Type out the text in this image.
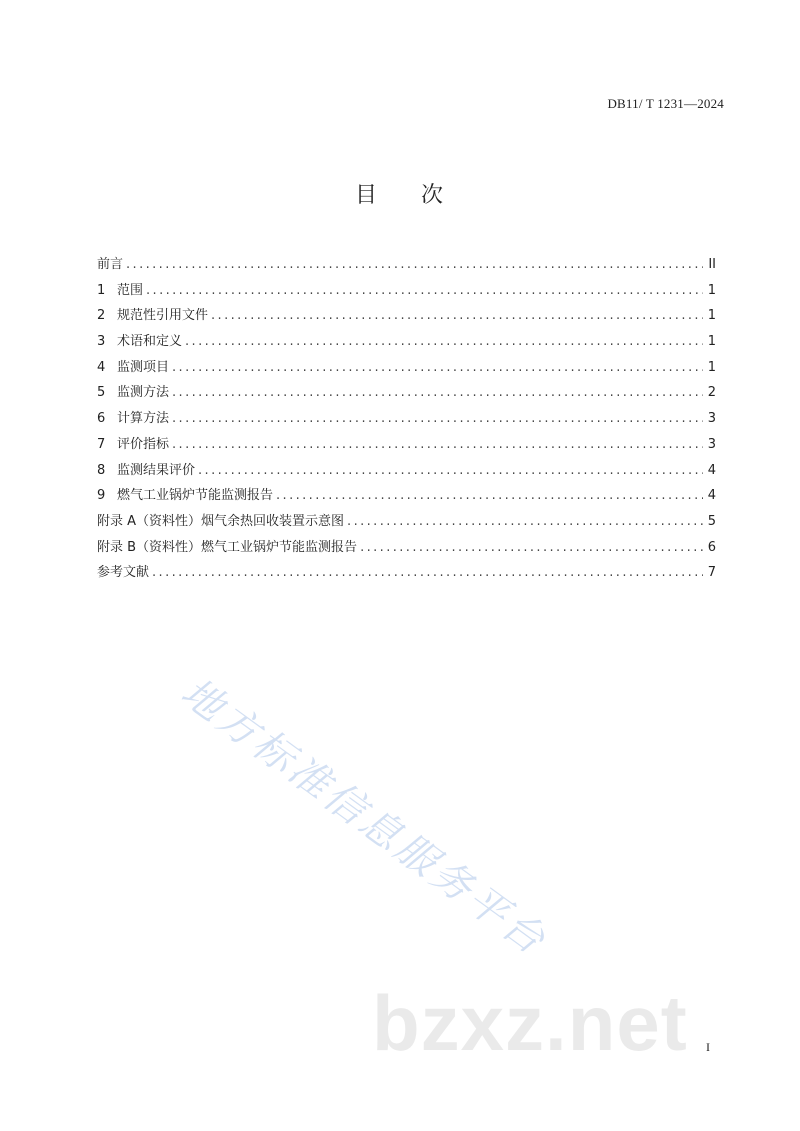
DB11/ T 1231—2024
目 次
前言 .....	II
1 范围 .....	1
2 规范性引用文件 .....	1
3 术语和定义 .....	1
4 监测项目 .....	1
5 监测方法 .....	2
6 计算方法 .....	3
7 评价指标 .....	3
8 监测结果评价 .....	4
9 燃气工业锅炉节能监测报告 .....	4
附录 A（资料性）烟气余热回收装置示意图 .....	5
附录 B（资料性）燃气工业锅炉节能监测报告 .....	6
参考文献 .....	7
地方标准信息服务平台
bzxz.net I
